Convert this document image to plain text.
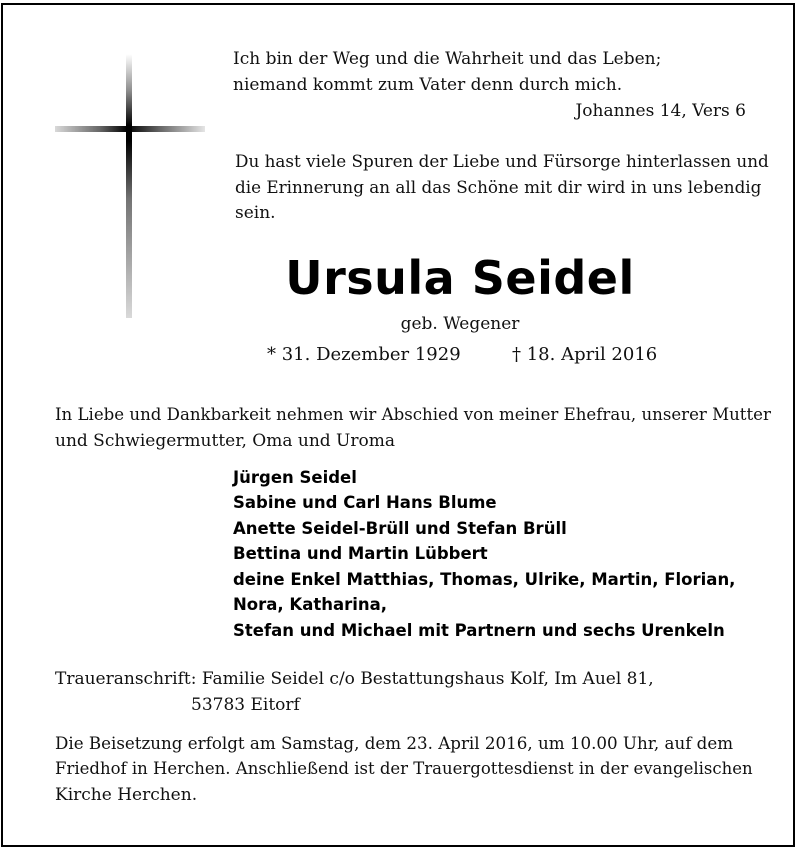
Ich bin der Weg und die Wahrheit und das Leben;
niemand kommt zum Vater denn durch mich.
Johannes 14, Vers 6
Du hast viele Spuren der Liebe und Fürsorge hinterlassen und
die Erinnerung an all das Schöne mit dir wird in uns lebendig
sein.
Ursula Seidel
geb. Wegener
* 31. Dezember 1929	† 18. April 2016
In Liebe und Dankbarkeit nehmen wir Abschied von meiner Ehefrau, unserer Mutter
und Schwiegermutter, Oma und Uroma
Jürgen Seidel
Sabine und Carl Hans Blume
Anette Seidel-Brüll und Stefan Brüll
Bettina und Martin Lübbert
deine Enkel Matthias, Thomas, Ulrike, Martin, Florian,
Nora, Katharina,
Stefan und Michael mit Partnern und sechs Urenkeln
Traueranschrift: Familie Seidel c/o Bestattungshaus Kolf, Im Auel 81,
53783 Eitorf
Die Beisetzung erfolgt am Samstag, dem 23. April 2016, um 10.00 Uhr, auf dem
Friedhof in Herchen. Anschließend ist der Trauergottesdienst in der evangelischen
Kirche Herchen.
